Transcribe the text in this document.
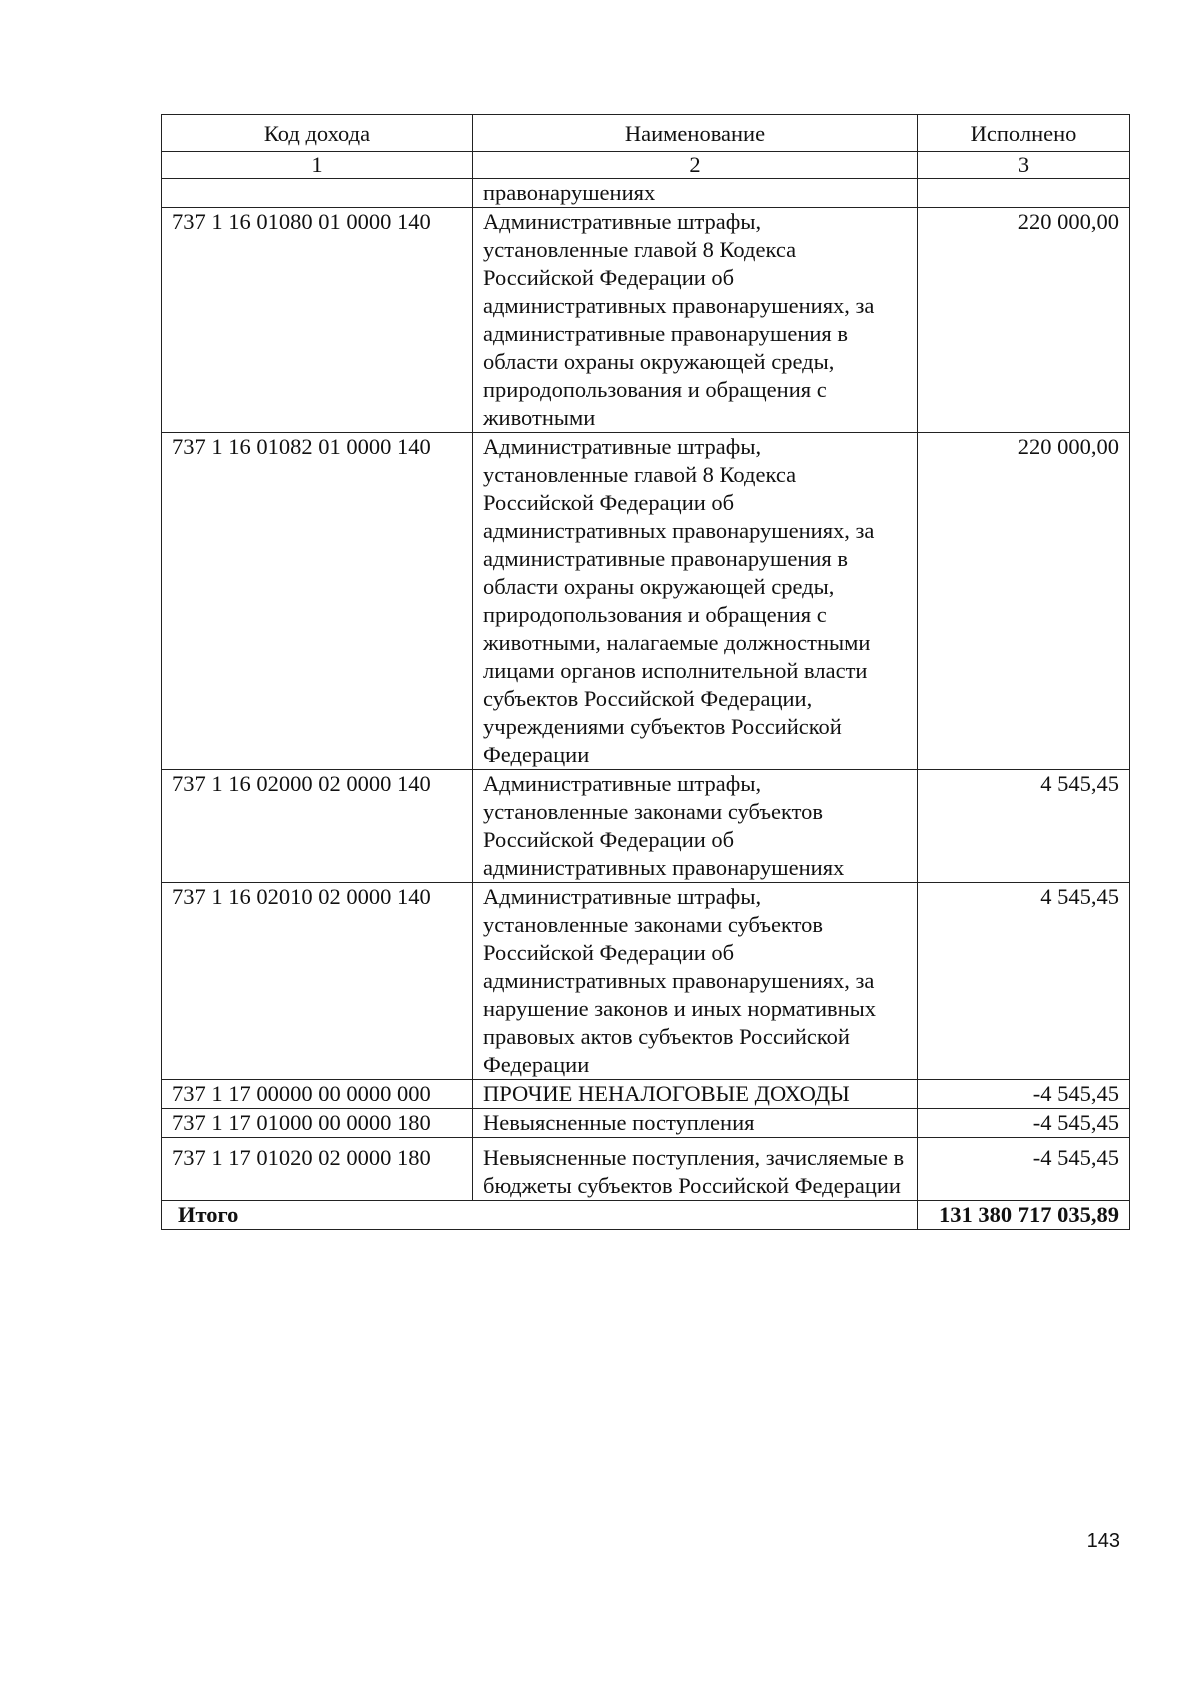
Код дохода	Наименование	Исполнено
1	2	3
	правонарушениях	
737 1 16 01080 01 0000 140	Административные штрафы, установленные главой 8 Кодекса Российской Федерации об административных правонарушениях, за административные правонарушения в области охраны окружающей среды, природопользования и обращения с животными	220 000,00
737 1 16 01082 01 0000 140	Административные штрафы, установленные главой 8 Кодекса Российской Федерации об административных правонарушениях, за административные правонарушения в области охраны окружающей среды, природопользования и обращения с животными, налагаемые должностными лицами органов исполнительной власти субъектов Российской Федерации, учреждениями субъектов Российской Федерации	220 000,00
737 1 16 02000 02 0000 140	Административные штрафы, установленные законами субъектов Российской Федерации об административных правонарушениях	4 545,45
737 1 16 02010 02 0000 140	Административные штрафы, установленные законами субъектов Российской Федерации об административных правонарушениях, за нарушение законов и иных нормативных правовых актов субъектов Российской Федерации	4 545,45
737 1 17 00000 00 0000 000	ПРОЧИЕ НЕНАЛОГОВЫЕ ДОХОДЫ	-4 545,45
737 1 17 01000 00 0000 180	Невыясненные поступления	-4 545,45
737 1 17 01020 02 0000 180	Невыясненные поступления, зачисляемые в бюджеты субъектов Российской Федерации	-4 545,45
Итого		131 380 717 035,89
143
